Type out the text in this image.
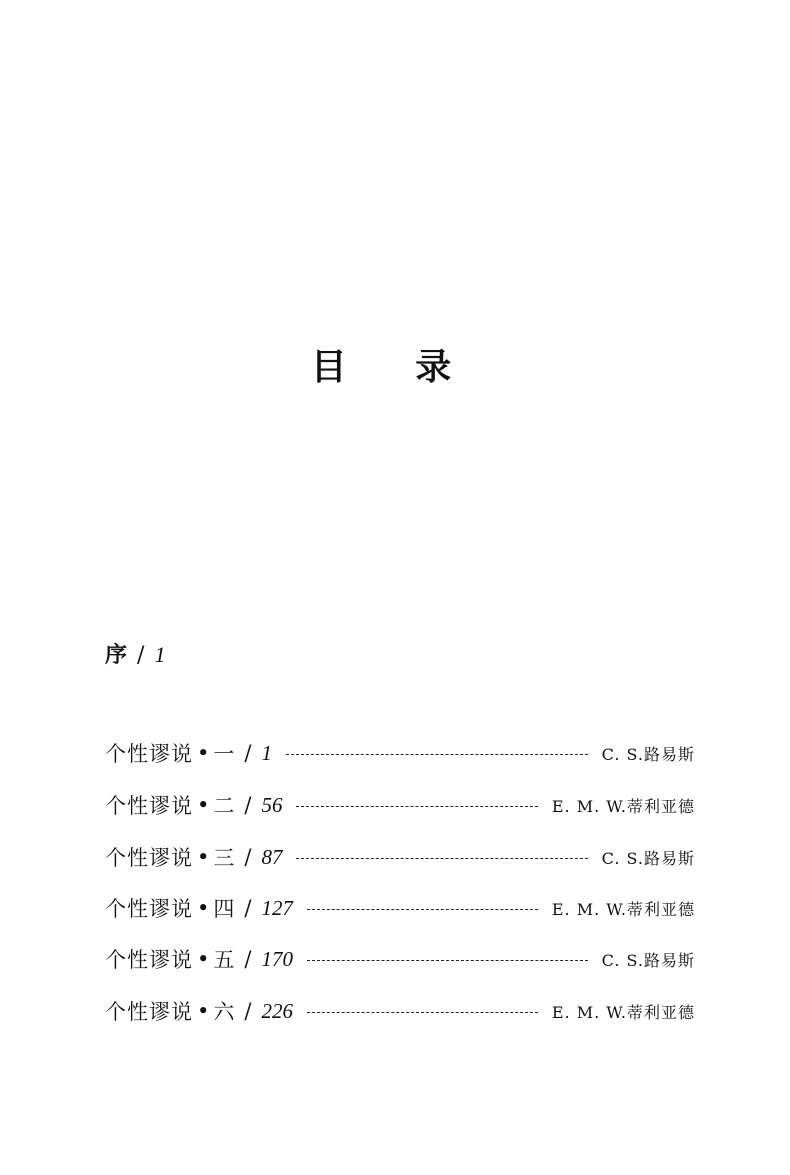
目 录
序 / 1
个性谬说 • 一 / 1	C. S.路易斯
个性谬说 • 二 / 56	E. M. W.蒂利亚德
个性谬说 • 三 / 87	C. S.路易斯
个性谬说 • 四 / 127	E. M. W.蒂利亚德
个性谬说 • 五 / 170	C. S.路易斯
个性谬说 • 六 / 226	E. M. W.蒂利亚德
